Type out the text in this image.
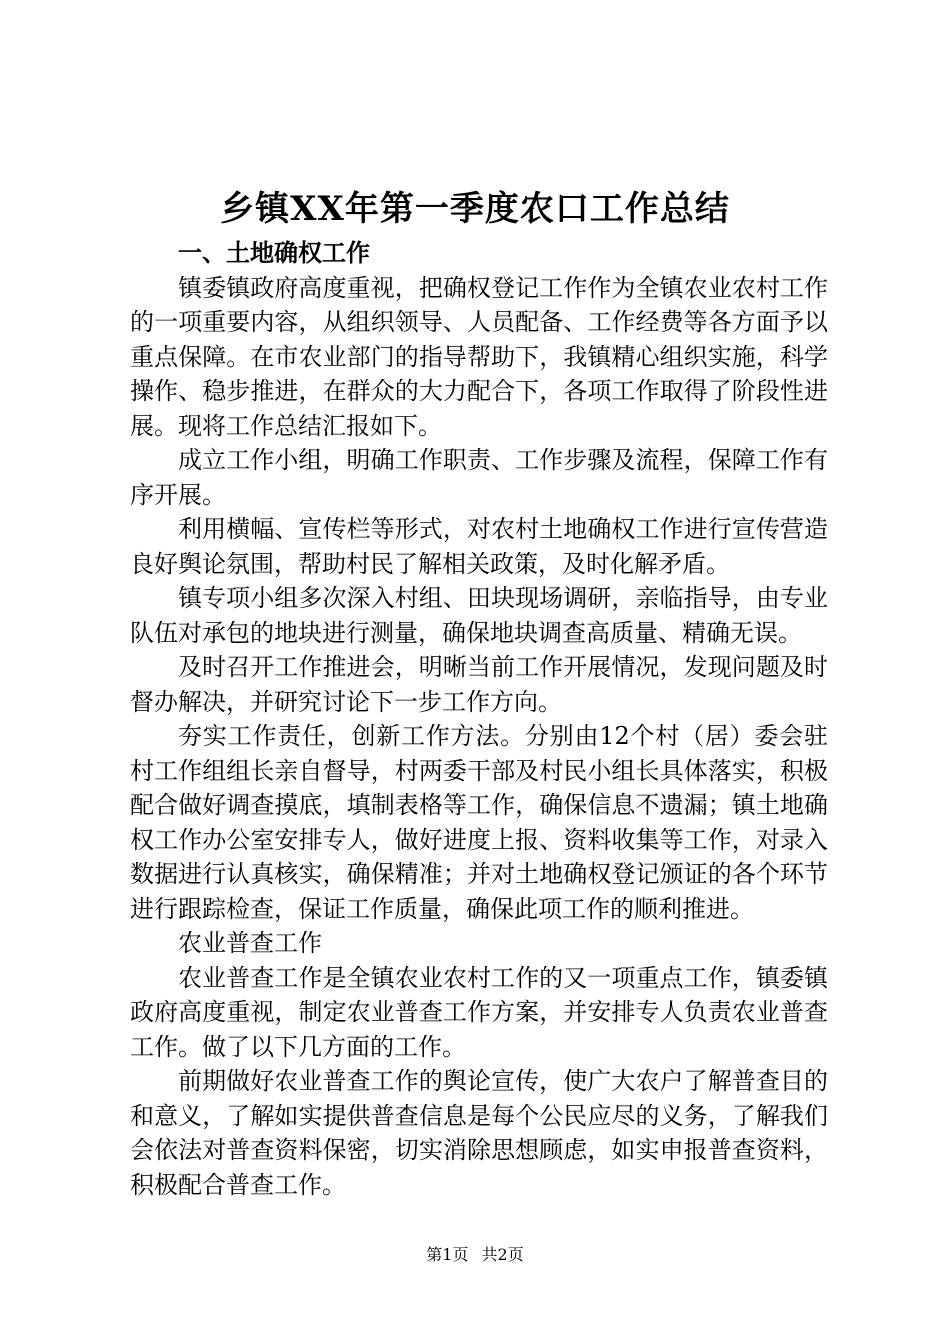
乡镇XX年第一季度农口工作总结

一、土地确权工作

镇委镇政府高度重视，把确权登记工作作为全镇农业农村工作的一项重要内容，从组织领导、人员配备、工作经费等各方面予以重点保障。在市农业部门的指导帮助下，我镇精心组织实施，科学操作、稳步推进，在群众的大力配合下，各项工作取得了阶段性进展。现将工作总结汇报如下。

成立工作小组，明确工作职责、工作步骤及流程，保障工作有序开展。

利用横幅、宣传栏等形式，对农村土地确权工作进行宣传营造良好舆论氛围，帮助村民了解相关政策，及时化解矛盾。

镇专项小组多次深入村组、田块现场调研，亲临指导，由专业队伍对承包的地块进行测量，确保地块调查高质量、精确无误。

及时召开工作推进会，明晰当前工作开展情况，发现问题及时督办解决，并研究讨论下一步工作方向。

夯实工作责任，创新工作方法。分别由12个村（居）委会驻村工作组组长亲自督导，村两委干部及村民小组长具体落实，积极配合做好调查摸底，填制表格等工作，确保信息不遗漏；镇土地确权工作办公室安排专人，做好进度上报、资料收集等工作，对录入数据进行认真核实，确保精准；并对土地确权登记颁证的各个环节进行跟踪检查，保证工作质量，确保此项工作的顺利推进。

农业普查工作

农业普查工作是全镇农业农村工作的又一项重点工作，镇委镇政府高度重视，制定农业普查工作方案，并安排专人负责农业普查工作。做了以下几方面的工作。

前期做好农业普查工作的舆论宣传，使广大农户了解普查目的和意义，了解如实提供普查信息是每个公民应尽的义务，了解我们会依法对普查资料保密，切实消除思想顾虑，如实申报普查资料，积极配合普查工作。

第1页 共2页
